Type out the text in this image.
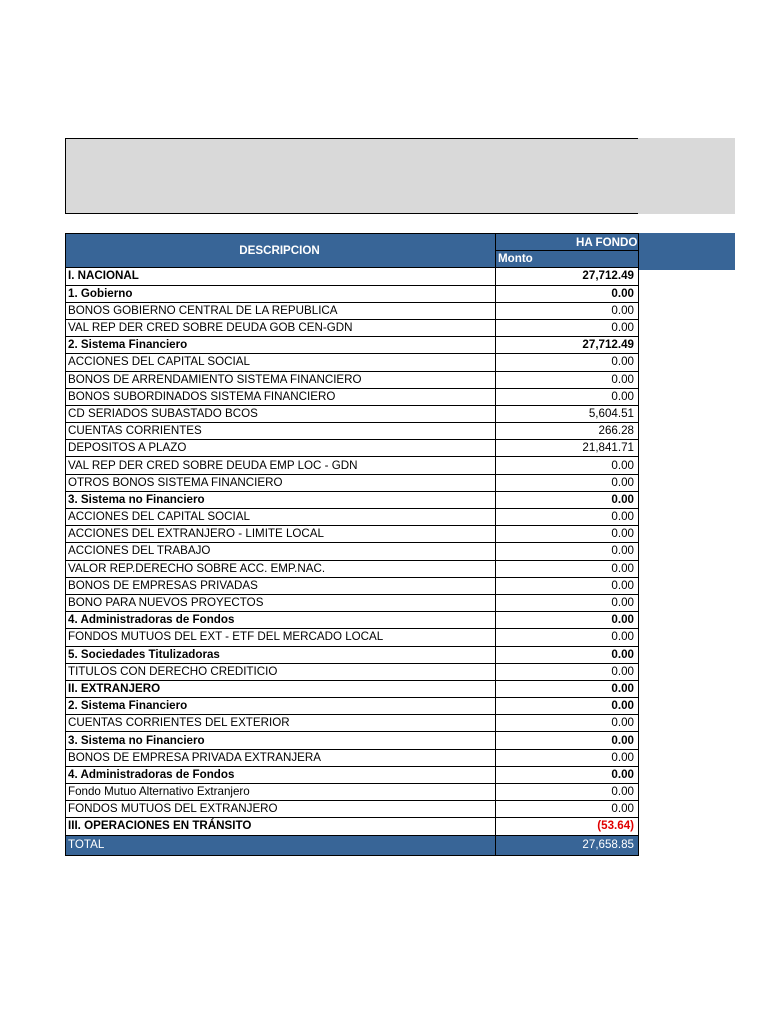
DESCRIPCION	HA FONDO

	Monto
I. NACIONAL	27,712.49
1. Gobierno	0.00
BONOS GOBIERNO CENTRAL DE LA REPUBLICA	0.00
VAL REP DER CRED SOBRE DEUDA GOB CEN-GDN	0.00
2. Sistema Financiero	27,712.49
ACCIONES DEL CAPITAL SOCIAL	0.00
BONOS DE ARRENDAMIENTO SISTEMA FINANCIERO	0.00
BONOS SUBORDINADOS SISTEMA FINANCIERO	0.00
CD SERIADOS SUBASTADO BCOS	5,604.51
CUENTAS CORRIENTES	266.28
DEPOSITOS A PLAZO	21,841.71
VAL REP DER CRED SOBRE DEUDA EMP LOC - GDN	0.00
OTROS BONOS SISTEMA FINANCIERO	0.00
3. Sistema no Financiero	0.00
ACCIONES DEL CAPITAL SOCIAL	0.00
ACCIONES DEL EXTRANJERO - LIMITE LOCAL	0.00
ACCIONES DEL TRABAJO	0.00
VALOR REP.DERECHO SOBRE ACC. EMP.NAC.	0.00
BONOS DE EMPRESAS PRIVADAS	0.00
BONO PARA NUEVOS PROYECTOS	0.00
4. Administradoras de Fondos	0.00
FONDOS MUTUOS DEL EXT - ETF DEL MERCADO LOCAL	0.00
5. Sociedades Titulizadoras	0.00
TITULOS CON DERECHO CREDITICIO	0.00
II. EXTRANJERO	0.00
2. Sistema Financiero	0.00
CUENTAS CORRIENTES DEL EXTERIOR	0.00
3. Sistema no Financiero	0.00
BONOS DE EMPRESA PRIVADA EXTRANJERA	0.00
4. Administradoras de Fondos	0.00
Fondo Mutuo Alternativo Extranjero	0.00
FONDOS MUTUOS DEL EXTRANJERO	0.00
III. OPERACIONES EN TRÁNSITO	(53.64)
TOTAL	27,658.85
